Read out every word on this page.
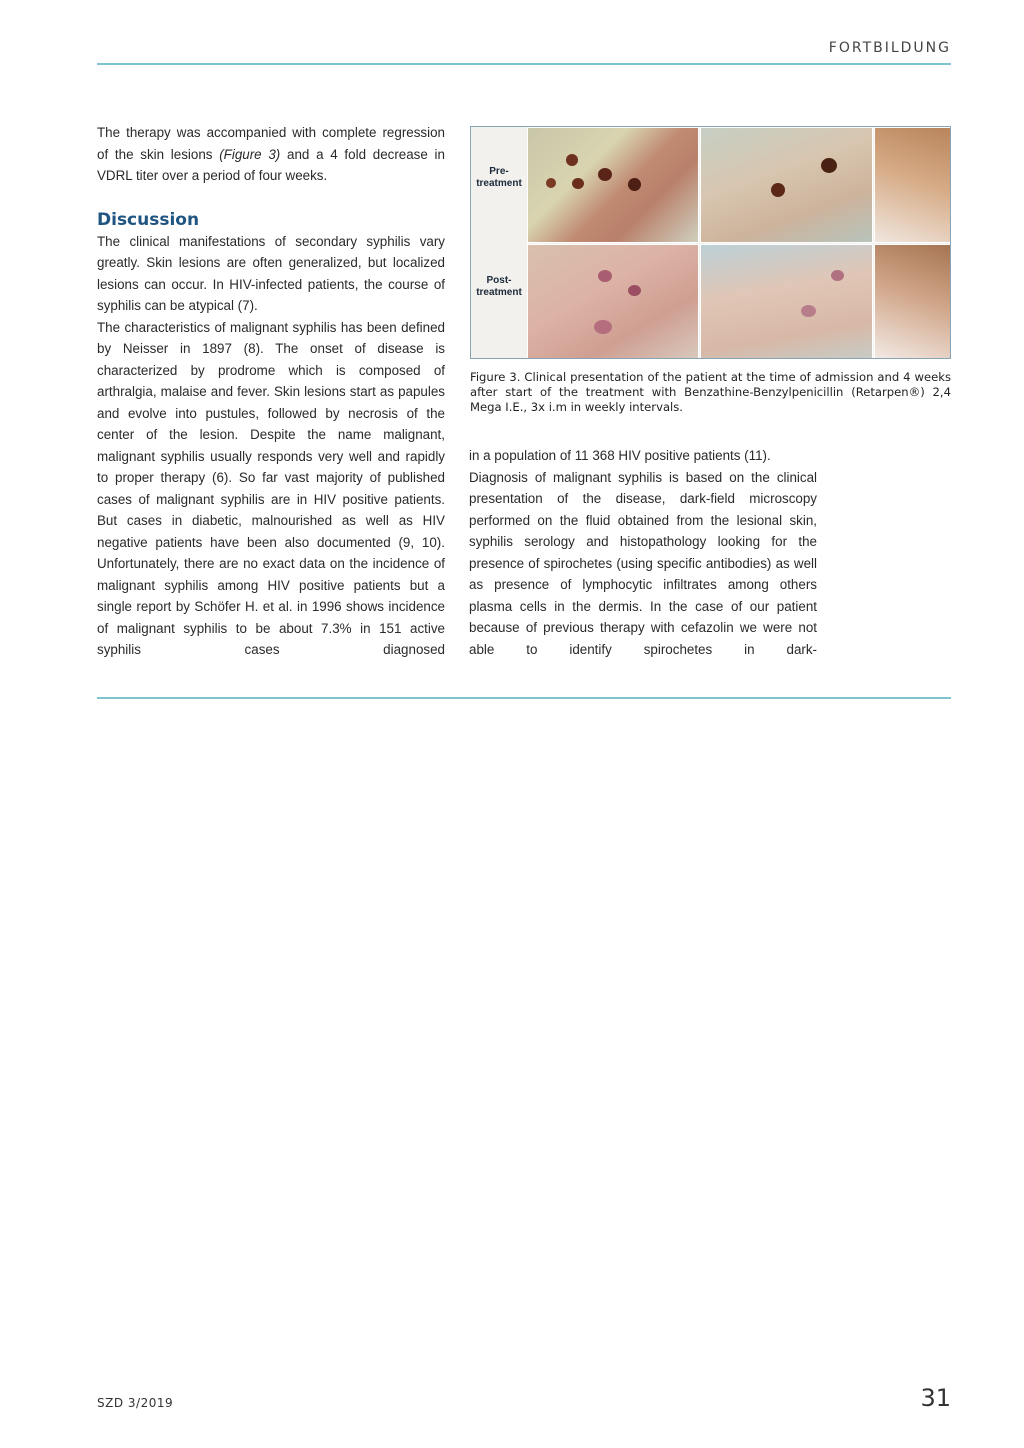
FORTBILDUNG

The therapy was accompanied with complete regression of the skin lesions (Figure 3) and a 4 fold decrease in VDRL titer over a period of four weeks.

Discussion

The clinical manifestations of secondary syphilis vary greatly. Skin lesions are often generalized, but localized lesions can occur. In HIV-infected patients, the course of syphilis can be atypical (7).

The characteristics of malignant syphilis has been defined by Neisser in 1897 (8). The onset of disease is characterized by prodrome which is composed of arthralgia, malaise and fever. Skin lesions start as papules and evolve into pustules, followed by necrosis of the center of the lesion. Despite the name malignant, malignant syphilis usually responds very well and rapidly to proper therapy (6). So far vast majority of published cases of malignant syphilis are in HIV positive patients. But cases in diabetic, malnourished as well as HIV negative patients have been also documented (9, 10). Unfortunately, there are no exact data on the incidence of malignant syphilis among HIV positive patients but a single report by Schöfer H. et al. in 1996 shows incidence of malignant syphilis to be about 7.3% in 151 active syphilis cases diagnosed

Pre-treatment
Post-treatment
Figure 3. Clinical presentation of the patient at the time of admission and 4 weeks after start of the treatment with Benzathine-Benzylpenicillin (Retarpen®) 2,4 Mega I.E., 3x i.m in weekly intervals.

in a population of 11 368 HIV positive patients (11).

Diagnosis of malignant syphilis is based on the clinical presentation of the disease, dark-field microscopy performed on the fluid obtained from the lesional skin, syphilis serology and histopathology looking for the presence of spirochetes (using specific antibodies) as well as presence of lymphocytic infiltrates among others plasma cells in the dermis. In the case of our patient because of previous therapy with cefazolin we were not able to identify spirochetes in dark-

SZD 3/2019	31
